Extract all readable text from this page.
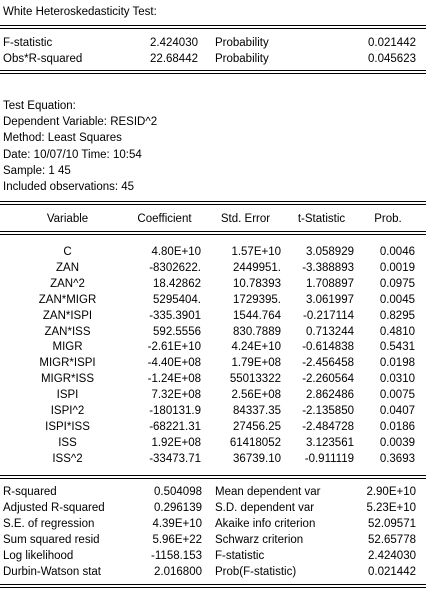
White Heteroskedasticity Test:
F-statistic	2.424030 Probability	0.021442
Obs*R-squared	22.68442 Probability	0.045623
Test Equation:
Dependent Variable: RESID^2
Method: Least Squares
Date: 10/07/10 Time: 10:54
Sample: 1 45
Included observations: 45
Variable	Coefficient	Std. Error	t-Statistic	Prob.
C	4.80E+10	1.57E+10 3.058929 0.0046
ZAN	-8302622.	2449951. -3.388893 0.0019
ZAN^2	18.42862	10.78393 1.708897 0.0975
ZAN*MIGR	5295404.	1729395. 3.061997 0.0045
ZAN*ISPI	-335.3901	1544.764 -0.217114 0.8295
ZAN*ISS	592.5556	830.7889 0.713244 0.4810
MIGR	-2.61E+10	4.24E+10 -0.614838 0.5431
MIGR*ISPI	-4.40E+08	1.79E+08 -2.456458 0.0198
MIGR*ISS	-1.24E+08	55013322 -2.260564 0.0310
ISPI	7.32E+08	2.56E+08 2.862486 0.0075
ISPI^2	-180131.9	84337.35 -2.135850 0.0407
ISPI*ISS	-68221.31	27456.25 -2.484728 0.0186
ISS	1.92E+08	61418052 3.123561 0.0039
ISS^2	-33473.71	36739.10 -0.911119 0.3693
R-squared	0.504098 Mean dependent var	2.90E+10
Adjusted R-squared	0.296139 S.D. dependent var	5.23E+10
S.E. of regression	4.39E+10 Akaike info criterion	52.09571
Sum squared resid	5.96E+22 Schwarz criterion	52.65778
Log likelihood	-1158.153 F-statistic	2.424030
Durbin-Watson stat	2.016800 Prob(F-statistic)	0.021442
